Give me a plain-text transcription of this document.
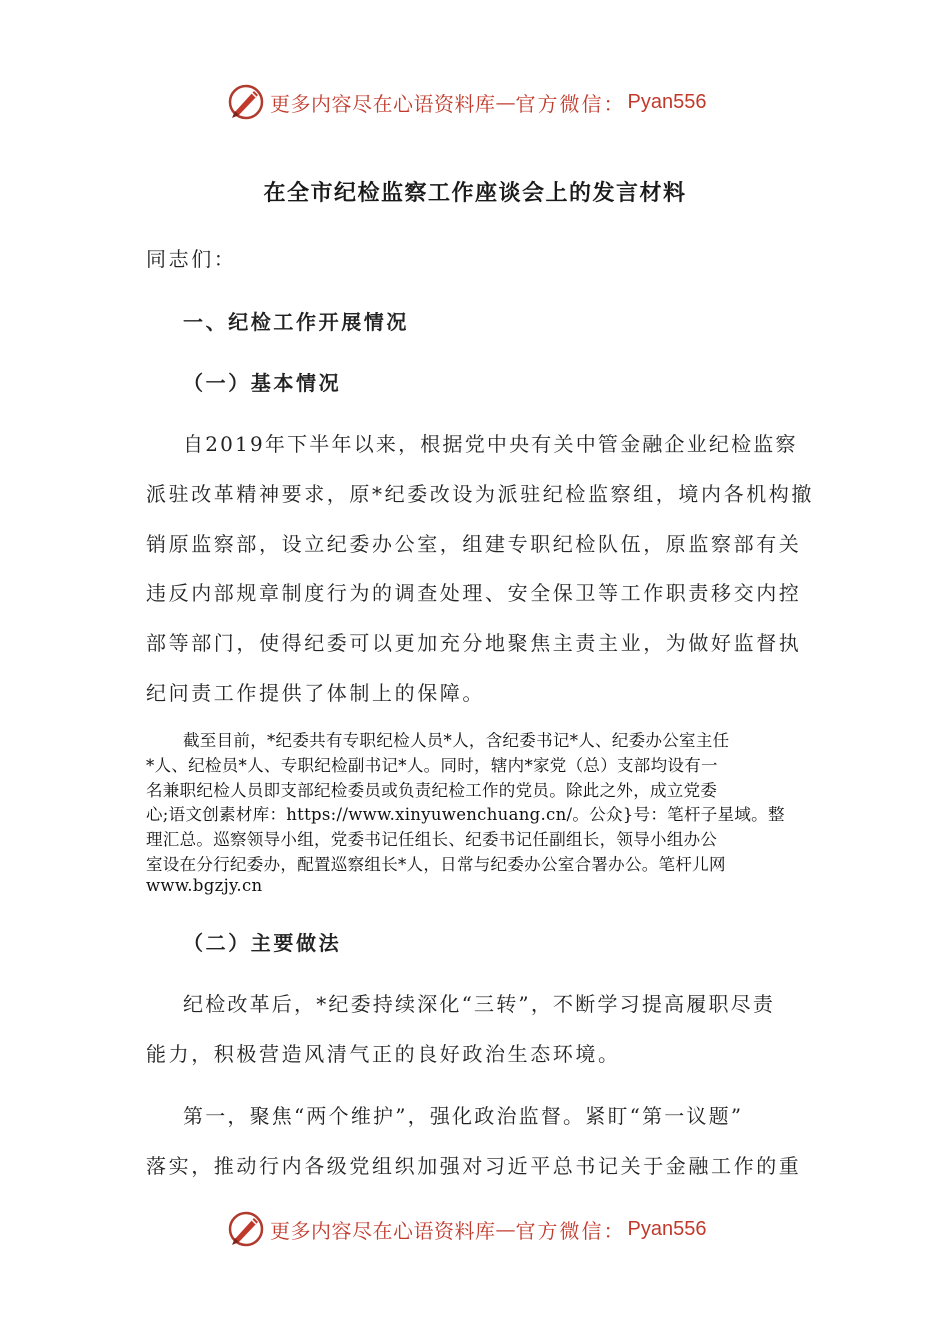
更多内容尽在心语资料库 — 官方微信： Pyan556
在全市纪检监察工作座谈会上的发言材料
同志们：
一、纪检工作开展情况
（一）基本情况
自2019年下半年以来，根据党中央有关中管金融企业纪检监察
派驻改革精神要求，原*纪委改设为派驻纪检监察组，境内各机构撤
销原监察部，设立纪委办公室，组建专职纪检队伍，原监察部有关
违反内部规章制度行为的调查处理、安全保卫等工作职责移交内控
部等部门，使得纪委可以更加充分地聚焦主责主业，为做好监督执
纪问责工作提供了体制上的保障。
截至目前，*纪委共有专职纪检人员*人，含纪委书记*人、纪委办公室主任
*人、纪检员*人、专职纪检副书记*人。同时，辖内*家党（总）支部均设有一
名兼职纪检人员即支部纪检委员或负责纪检工作的党员。除此之外，成立党委
心;语文创素材库：https://www.xinyuwenchuang.cn/。公众}号：笔杆子星域。整
理汇总。巡察领导小组，党委书记任组长、纪委书记任副组长，领导小组办公
室设在分行纪委办，配置巡察组长*人，日常与纪委办公室合署办公。笔杆儿网
www.bgzjy.cn
（二）主要做法
纪检改革后，*纪委持续深化“三转”，不断学习提高履职尽责
能力，积极营造风清气正的良好政治生态环境。
第一，聚焦“两个维护”，强化政治监督。紧盯“第一议题”
落实，推动行内各级党组织加强对习近平总书记关于金融工作的重
更多内容尽在心语资料库 — 官方微信： Pyan556
